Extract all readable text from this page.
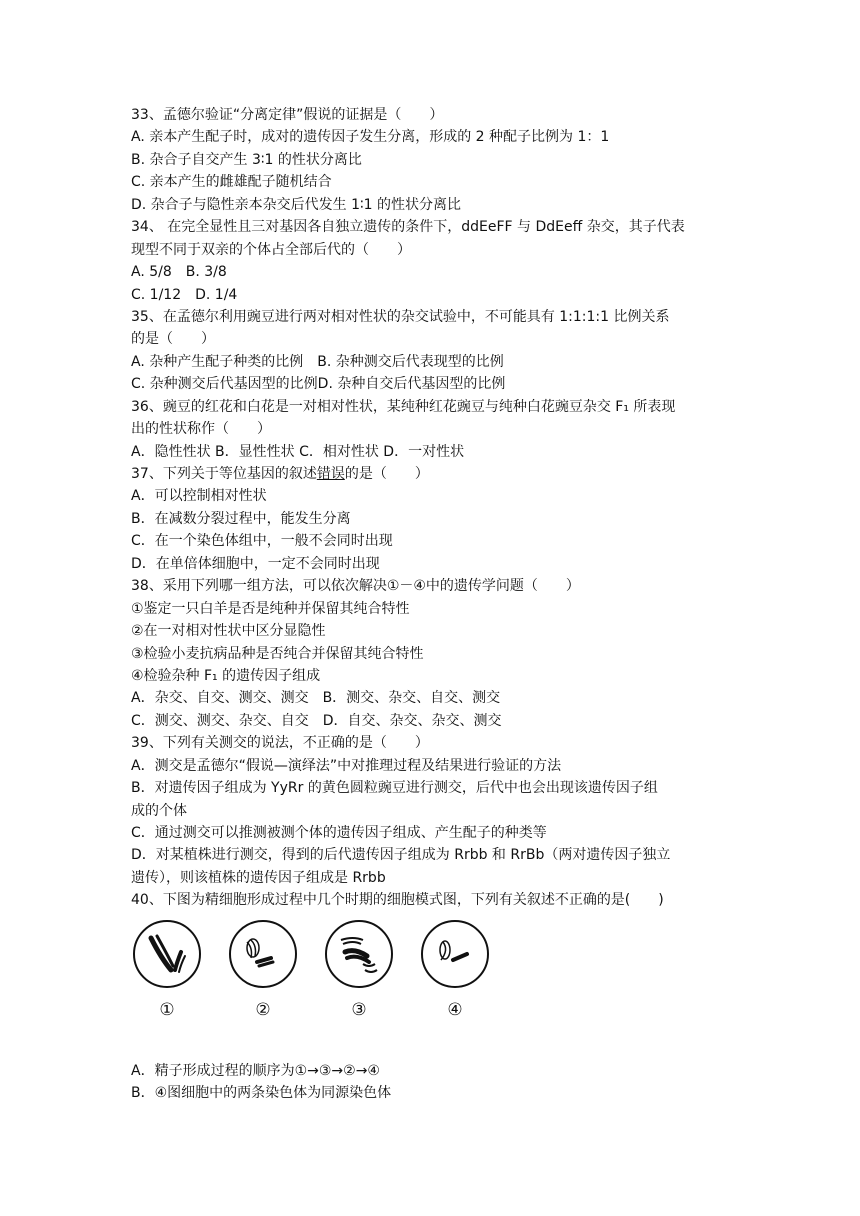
33、孟德尔验证“分离定律”假说的证据是（　　）
A. 亲本产生配子时，成对的遗传因子发生分离，形成的 2 种配子比例为 1：1
B. 杂合子自交产生 3∶1 的性状分离比
C. 亲本产生的雌雄配子随机结合
D. 杂合子与隐性亲本杂交后代发生 1∶1 的性状分离比
34、 在完全显性且三对基因各自独立遗传的条件下，ddEeFF 与 DdEeff 杂交，其子代表
现型不同于双亲的个体占全部后代的（　　）
A. 5/8　B. 3/8
C. 1/12　D. 1/4
35、在孟德尔利用豌豆进行两对相对性状的杂交试验中，不可能具有 1:1:1:1 比例关系
的是（　　）
A. 杂种产生配子种类的比例　B. 杂种测交后代表现型的比例
C. 杂种测交后代基因型的比例D. 杂种自交后代基因型的比例
36、豌豆的红花和白花是一对相对性状，某纯种红花豌豆与纯种白花豌豆杂交 F₁ 所表现
出的性状称作（　　）
A．隐性性状 B．显性性状 C．相对性状 D．一对性状
37、下列关于等位基因的叙述错误的是（　　）
A．可以控制相对性状
B．在减数分裂过程中，能发生分离
C．在一个染色体组中，一般不会同时出现
D．在单倍体细胞中，一定不会同时出现
38、采用下列哪一组方法，可以依次解决①－④中的遗传学问题（　　）
①鉴定一只白羊是否是纯种并保留其纯合特性
②在一对相对性状中区分显隐性
③检验小麦抗病品种是否纯合并保留其纯合特性
④检验杂种 F₁ 的遗传因子组成
A．杂交、自交、测交、测交　B．测交、杂交、自交、测交
C．测交、测交、杂交、自交　D．自交、杂交、杂交、测交
39、下列有关测交的说法，不正确的是（　　）
A．测交是孟德尔“假说—演绎法”中对推理过程及结果进行验证的方法
B．对遗传因子组成为 YyRr 的黄色圆粒豌豆进行测交，后代中也会出现该遗传因子组
成的个体
C．通过测交可以推测被测个体的遗传因子组成、产生配子的种类等
D．对某植株进行测交，得到的后代遗传因子组成为 Rrbb 和 RrBb（两对遗传因子独立
遗传），则该植株的遗传因子组成是 Rrbb
40、下图为精细胞形成过程中几个时期的细胞模式图，下列有关叙述不正确的是(　　)
①	②	③	④
A．精子形成过程的顺序为①→③→②→④
B．④图细胞中的两条染色体为同源染色体
